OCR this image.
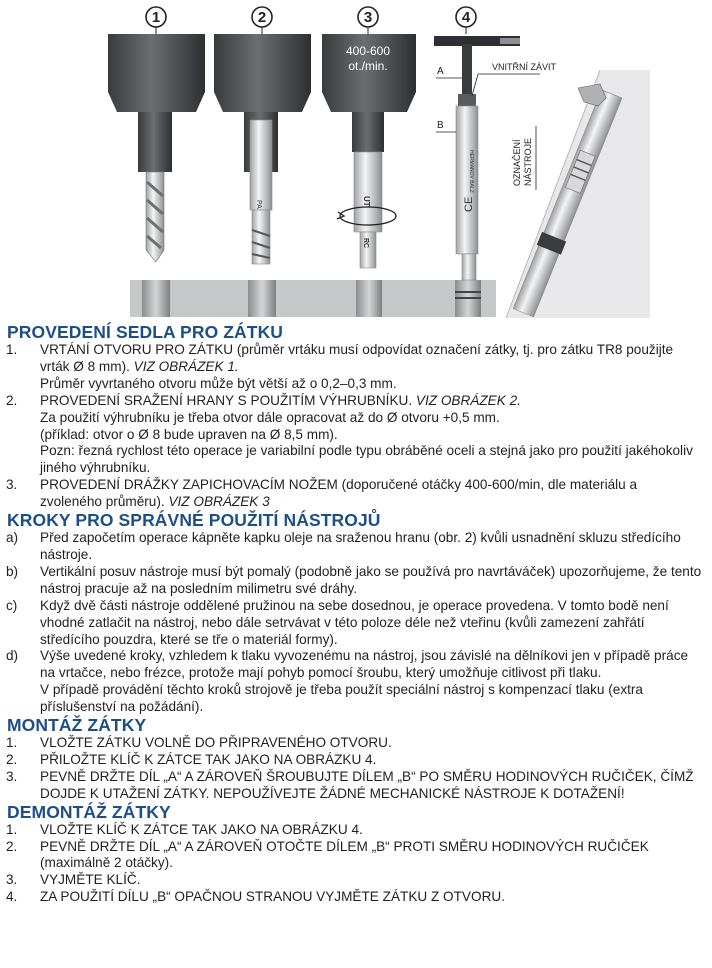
1	2	3	4
PA
400-600
ot./min.
UT
RC
HERMANOV BALZ
CE
A
B
VNITŘNÍ ZÁVIT
OZNAČENÍ NÁSTROJE
PROVEDENÍ SEDLA PRO ZÁTKU
1.	VRTÁNÍ OTVORU PRO ZÁTKU (průměr vrtáku musí odpovídat označení zátky, tj. pro zátku TR8 použijte vrták Ø 8 mm). VIZ OBRÁZEK 1.

Průměr vyvrtaného otvoru může být větší až o 0,2–0,3 mm.

2.	PROVEDENÍ SRAŽENÍ HRANY S POUŽITÍM VÝHRUBNÍKU. VIZ OBRÁZEK 2.

Za použití výhrubníku je třeba otvor dále opracovat až do Ø otvoru +0,5 mm.

(příklad: otvor o Ø 8 bude upraven na Ø 8,5 mm).

Pozn: řezná rychlost této operace je variabilní podle typu obráběné oceli a stejná jako pro použití jakéhokoliv jiného výhrubníku.

3.	PROVEDENÍ DRÁŽKY ZAPICHOVACÍM NOŽEM (doporučené otáčky 400-600/min, dle materiálu a zvoleného průměru). VIZ OBRÁZEK 3

KROKY PRO SPRÁVNÉ POUŽITÍ NÁSTROJŮ
a)	Před započetím operace kápněte kapku oleje na sraženou hranu (obr. 2) kvůli usnadnění skluzu středícího nástroje.

b)	Vertikální posuv nástroje musí být pomalý (podobně jako se používá pro navrtáváček) upozorňujeme, že tento nástroj pracuje až na posledním milimetru své dráhy.

c)	Když dvě části nástroje oddělené pružinou na sebe dosednou, je operace provedena. V tomto bodě není vhodné zatlačit na nástroj, nebo dále setrvávat v této poloze déle než vteřinu (kvůli zamezení zahřátí středícího pouzdra, které se tře o materiál formy).

d)	Výše uvedené kroky, vzhledem k tlaku vyvozenému na nástroj, jsou závislé na dělníkovi jen v případě práce na vrtačce, nebo frézce, protože mají pohyb pomocí šroubu, který umožňuje citlivost při tlaku.

V případě provádění těchto kroků strojově je třeba použít speciální nástroj s kompenzací tlaku (extra příslušenství na požádání).

MONTÁŽ ZÁTKY
1.	VLOŽTE ZÁTKU VOLNĚ DO PŘIPRAVENÉHO OTVORU.

2.	PŘILOŽTE KLÍČ K ZÁTCE TAK JAKO NA OBRÁZKU 4.

3.	PEVNĚ DRŽTE DÍL „A“ A ZÁROVEŇ ŠROUBUJTE DÍLEM „B“ PO SMĚRU HODINOVÝCH RUČIČEK, ČÍMŽ DOJDE K UTAŽENÍ ZÁTKY. NEPOUŽÍVEJTE ŽÁDNÉ MECHANICKÉ NÁSTROJE K DOTAŽENÍ!

DEMONTÁŽ ZÁTKY
1.	VLOŽTE KLÍČ K ZÁTCE TAK JAKO NA OBRÁZKU 4.

2.	PEVNĚ DRŽTE DÍL „A“ A ZÁROVEŇ OTOČTE DÍLEM „B“ PROTI SMĚRU HODINOVÝCH RUČIČEK (maximálně 2 otáčky).

3.	VYJMĚTE KLÍČ.

4.	ZA POUŽITÍ DÍLU „B“ OPAČNOU STRANOU VYJMĚTE ZÁTKU Z OTVORU.
